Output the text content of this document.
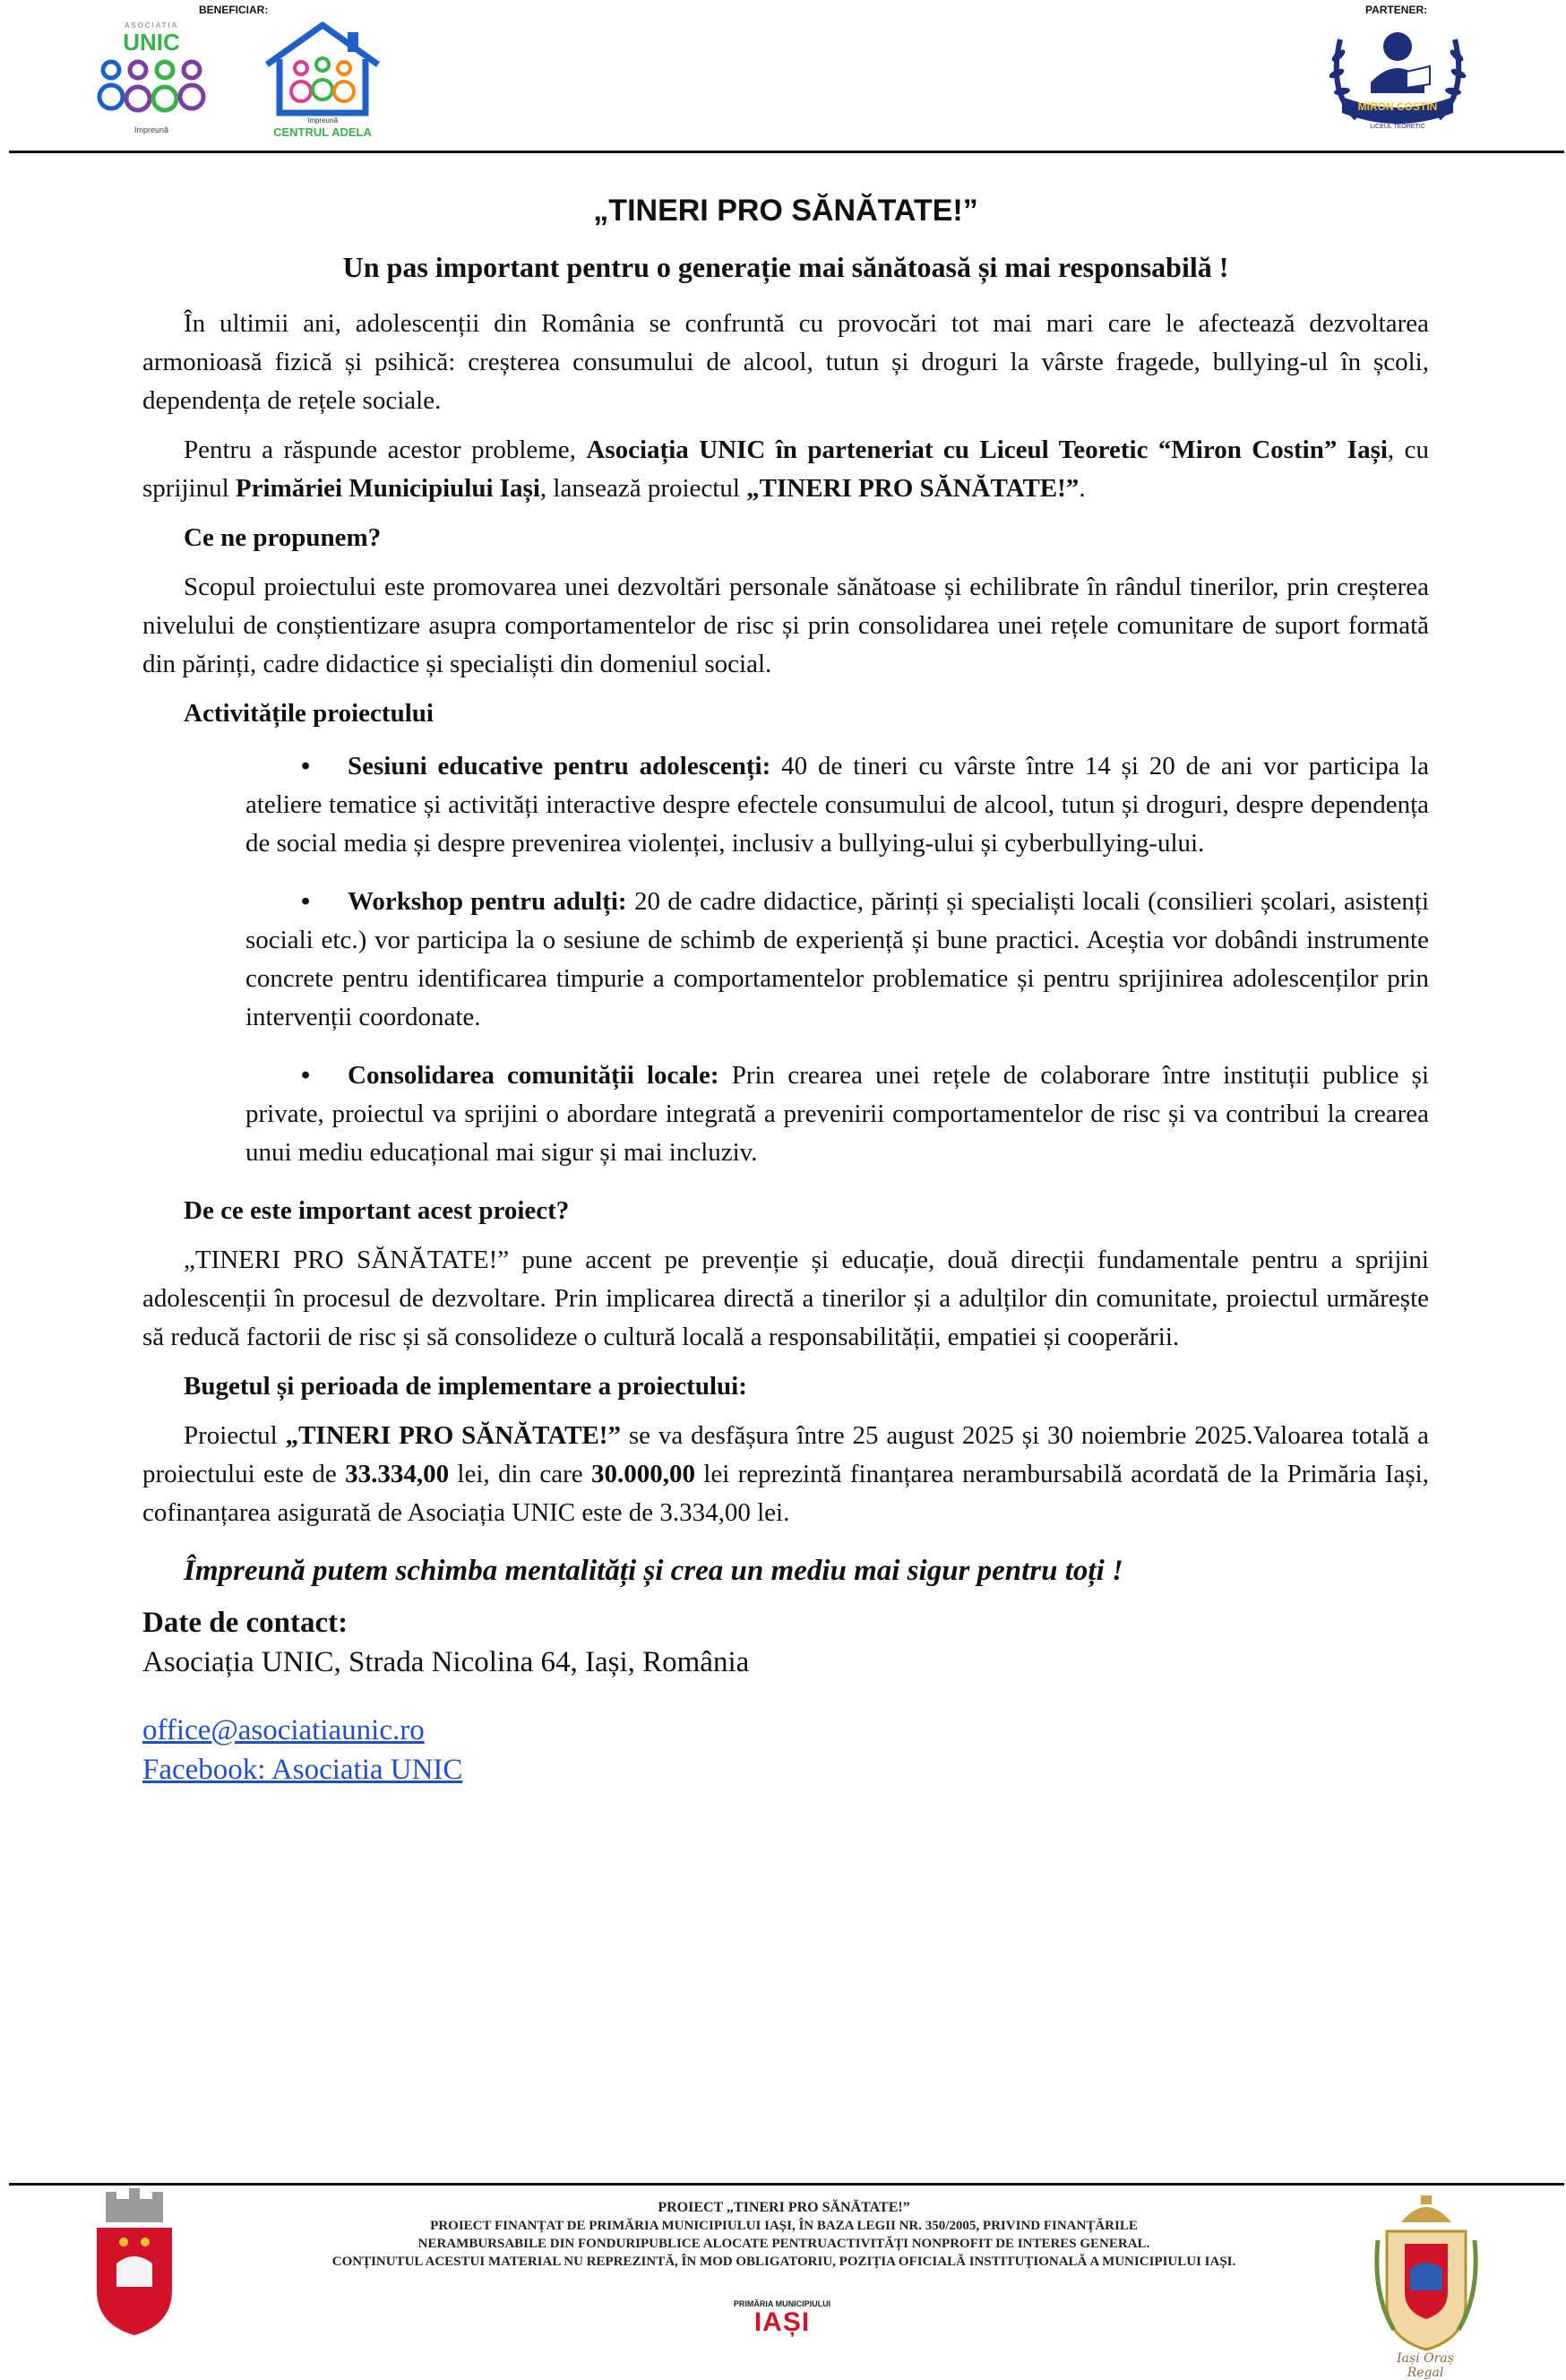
BENEFICIAR:	PARTENER:
ASOCIATIA
UNIC
împreună
împreună
CENTRUL ADELA
MIRON COSTIN
LICEUL TEORETIC
„TINERI PRO SĂNĂTATE!”
Un pas important pentru o generație mai sănătoasă și mai responsabilă !

În ultimii ani, adolescenții din România se confruntă cu provocări tot mai mari care le afectează dezvoltarea armonioasă fizică și psihică: creșterea consumului de alcool, tutun și droguri la vârste fragede, bullying-ul în școli, dependența de rețele sociale.

Pentru a răspunde acestor probleme, Asociația UNIC în parteneriat cu Liceul Teoretic “Miron Costin” Iași, cu sprijinul Primăriei Municipiului Iași, lansează proiectul „TINERI PRO SĂNĂTATE!”.

Ce ne propunem?

Scopul proiectului este promovarea unei dezvoltări personale sănătoase și echilibrate în rândul tinerilor, prin creșterea nivelului de conștientizare asupra comportamentelor de risc și prin consolidarea unei rețele comunitare de suport formată din părinți, cadre didactice și specialiști din domeniul social.

Activitățile proiectului
• Sesiuni educative pentru adolescenți: 40 de tineri cu vârste între 14 și 20 de ani vor participa la ateliere tematice și activități interactive despre efectele consumului de alcool, tutun și droguri, despre dependența de social media și despre prevenirea violenței, inclusiv a bullying-ului și cyberbullying-ului.
• Workshop pentru adulți: 20 de cadre didactice, părinți și specialiști locali (consilieri școlari, asistenți sociali etc.) vor participa la o sesiune de schimb de experiență și bune practici. Aceștia vor dobândi instrumente concrete pentru identificarea timpurie a comportamentelor problematice și pentru sprijinirea adolescenților prin intervenții coordonate.
• Consolidarea comunității locale: Prin crearea unei rețele de colaborare între instituții publice și private, proiectul va sprijini o abordare integrată a prevenirii comportamentelor de risc și va contribui la crearea unui mediu educațional mai sigur și mai incluziv.
De ce este important acest proiect?

„TINERI PRO SĂNĂTATE!” pune accent pe prevenție și educație, două direcții fundamentale pentru a sprijini adolescenții în procesul de dezvoltare. Prin implicarea directă a tinerilor și a adulților din comunitate, proiectul urmărește să reducă factorii de risc și să consolideze o cultură locală a responsabilității, empatiei și cooperării.

Bugetul și perioada de implementare a proiectului:

Proiectul „TINERI PRO SĂNĂTATE!” se va desfășura între 25 august 2025 și 30 noiembrie 2025.Valoarea totală a proiectului este de 33.334,00 lei, din care 30.000,00 lei reprezintă finanțarea nerambursabilă acordată de la Primăria Iași, cofinanțarea asigurată de Asociația UNIC este de 3.334,00 lei.

Împreună putem schimba mentalități și crea un mediu mai sigur pentru toți !
Date de contact:
Asociația UNIC, Strada Nicolina 64, Iași, România
office@asociatiaunic.ro
Facebook: Asociatia UNIC
PROIECT „TINERI PRO SĂNĂTATE!”
PROIECT FINANȚAT DE PRIMĂRIA MUNICIPIULUI IAȘI, ÎN BAZA LEGII NR. 350/2005, PRIVIND FINANȚĂRILE
NERAMBURSABILE DIN FONDURIPUBLICE ALOCATE PENTRUACTIVITĂȚI NONPROFIT DE INTERES GENERAL.
CONȚINUTUL ACESTUI MATERIAL NU REPREZINTĂ, ÎN MOD OBLIGATORIU, POZIȚIA OFICIALĂ INSTITUȚIONALĂ A MUNICIPIULUI IAȘI.
PRIMĂRIA MUNICIPIULUI
IAȘI
Iași Oraș Regal
